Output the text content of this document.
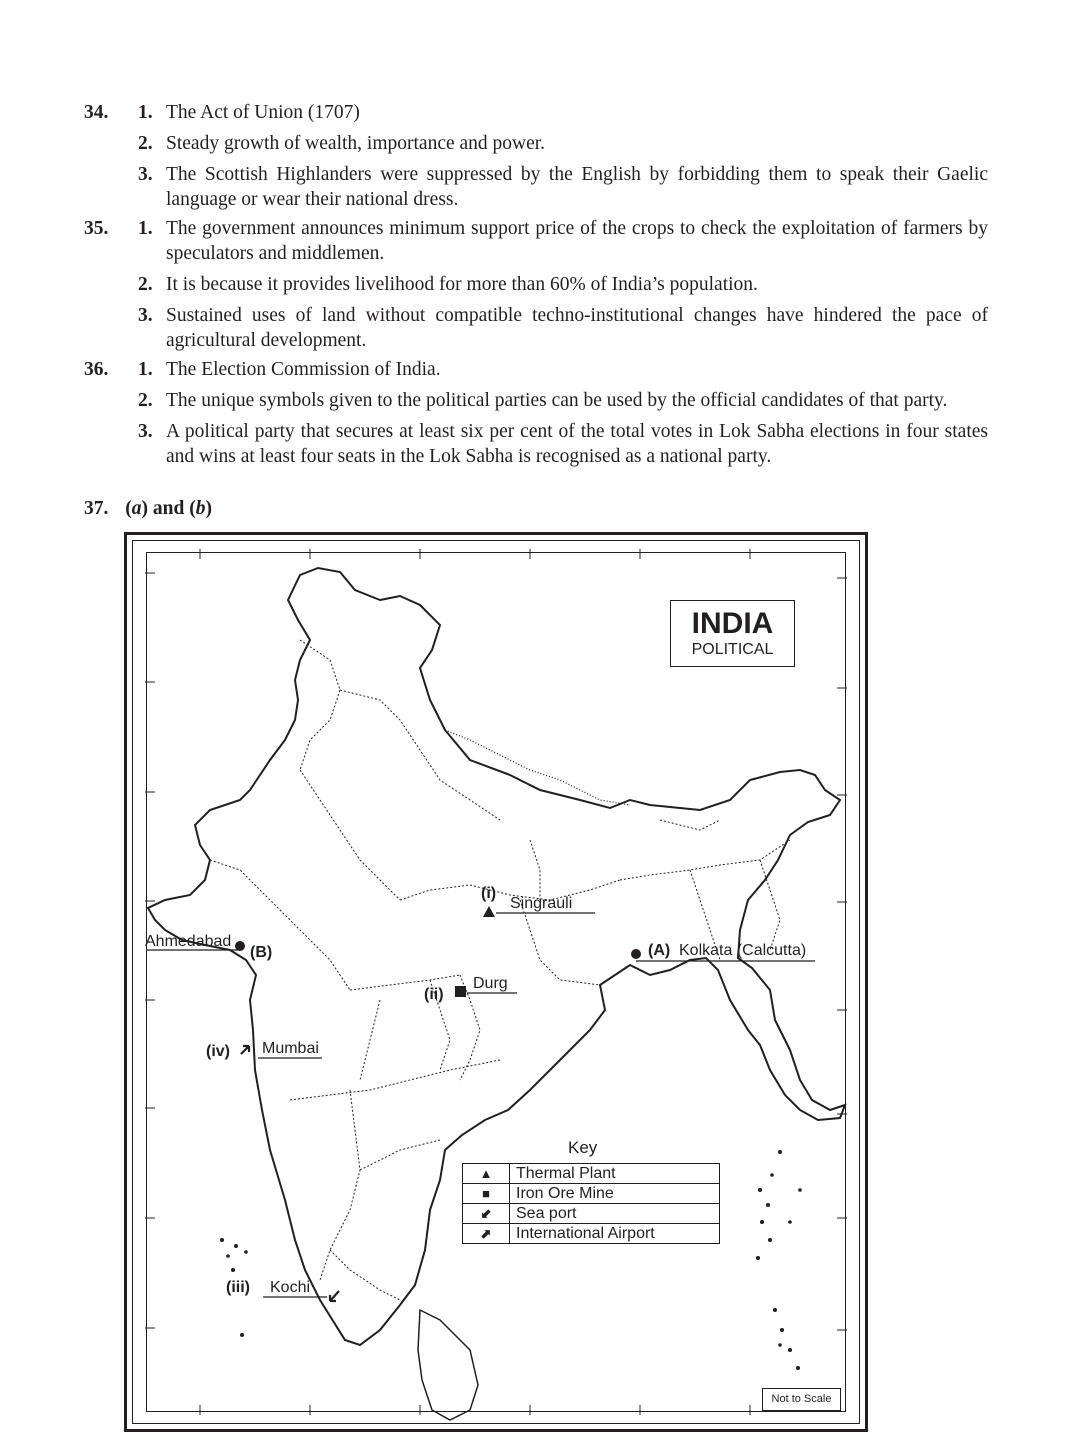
34. 1. The Act of Union (1707)
2. Steady growth of wealth, importance and power.
3. The Scottish Highlanders were suppressed by the English by forbidding them to speak their Gaelic language or wear their national dress.
35. 1. The government announces minimum support price of the crops to check the exploitation of farmers by speculators and middlemen.
2. It is because it provides livelihood for more than 60% of India’s population.
3. Sustained uses of land without compatible techno-institutional changes have hindered the pace of agricultural development.
36. 1. The Election Commission of India.
2. The unique symbols given to the political parties can be used by the official candidates of that party.
3. A political party that secures at least six per cent of the total votes in Lok Sabha elections in four states and wins at least four seats in the Lok Sabha is recognised as a national party.
37. (a) and (b)
(i)
Singrauli
(ii)
Durg
(iv) Mumbai
(iii) Kochi
Ahmedabad
(B)	(A) Kolkata (Calcutta)
INDIA
POLITICAL
Key
▲	Thermal Plant
■	Iron Ore Mine
⬋	Sea port
⬈	International Airport
Not to Scale
